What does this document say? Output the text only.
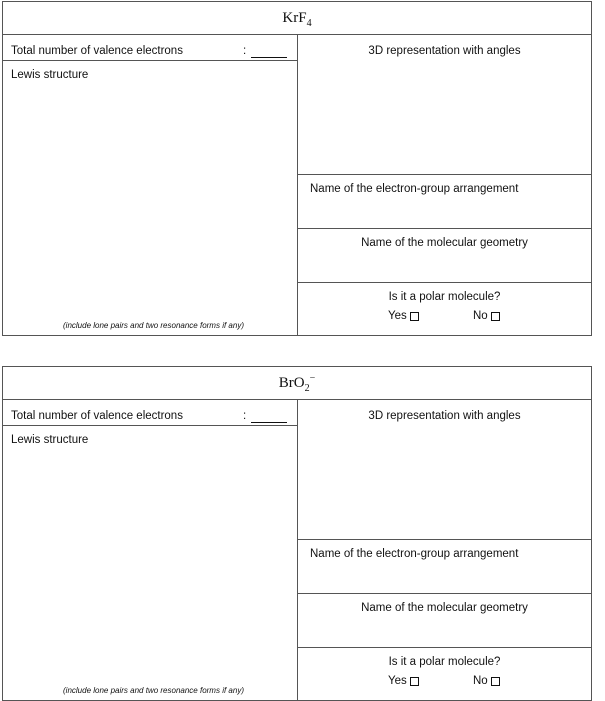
KrF$_4$
Total number of valence electrons	:
Lewis structure
(include lone pairs and two resonance forms if any)
3D representation with angles
Name of the electron-group arrangement
Name of the molecular geometry
Is it a polar molecule?
Yes	No
BrO$_2$−
Total number of valence electrons	:
Lewis structure
(include lone pairs and two resonance forms if any)
3D representation with angles
Name of the electron-group arrangement
Name of the molecular geometry
Is it a polar molecule?
Yes	No
